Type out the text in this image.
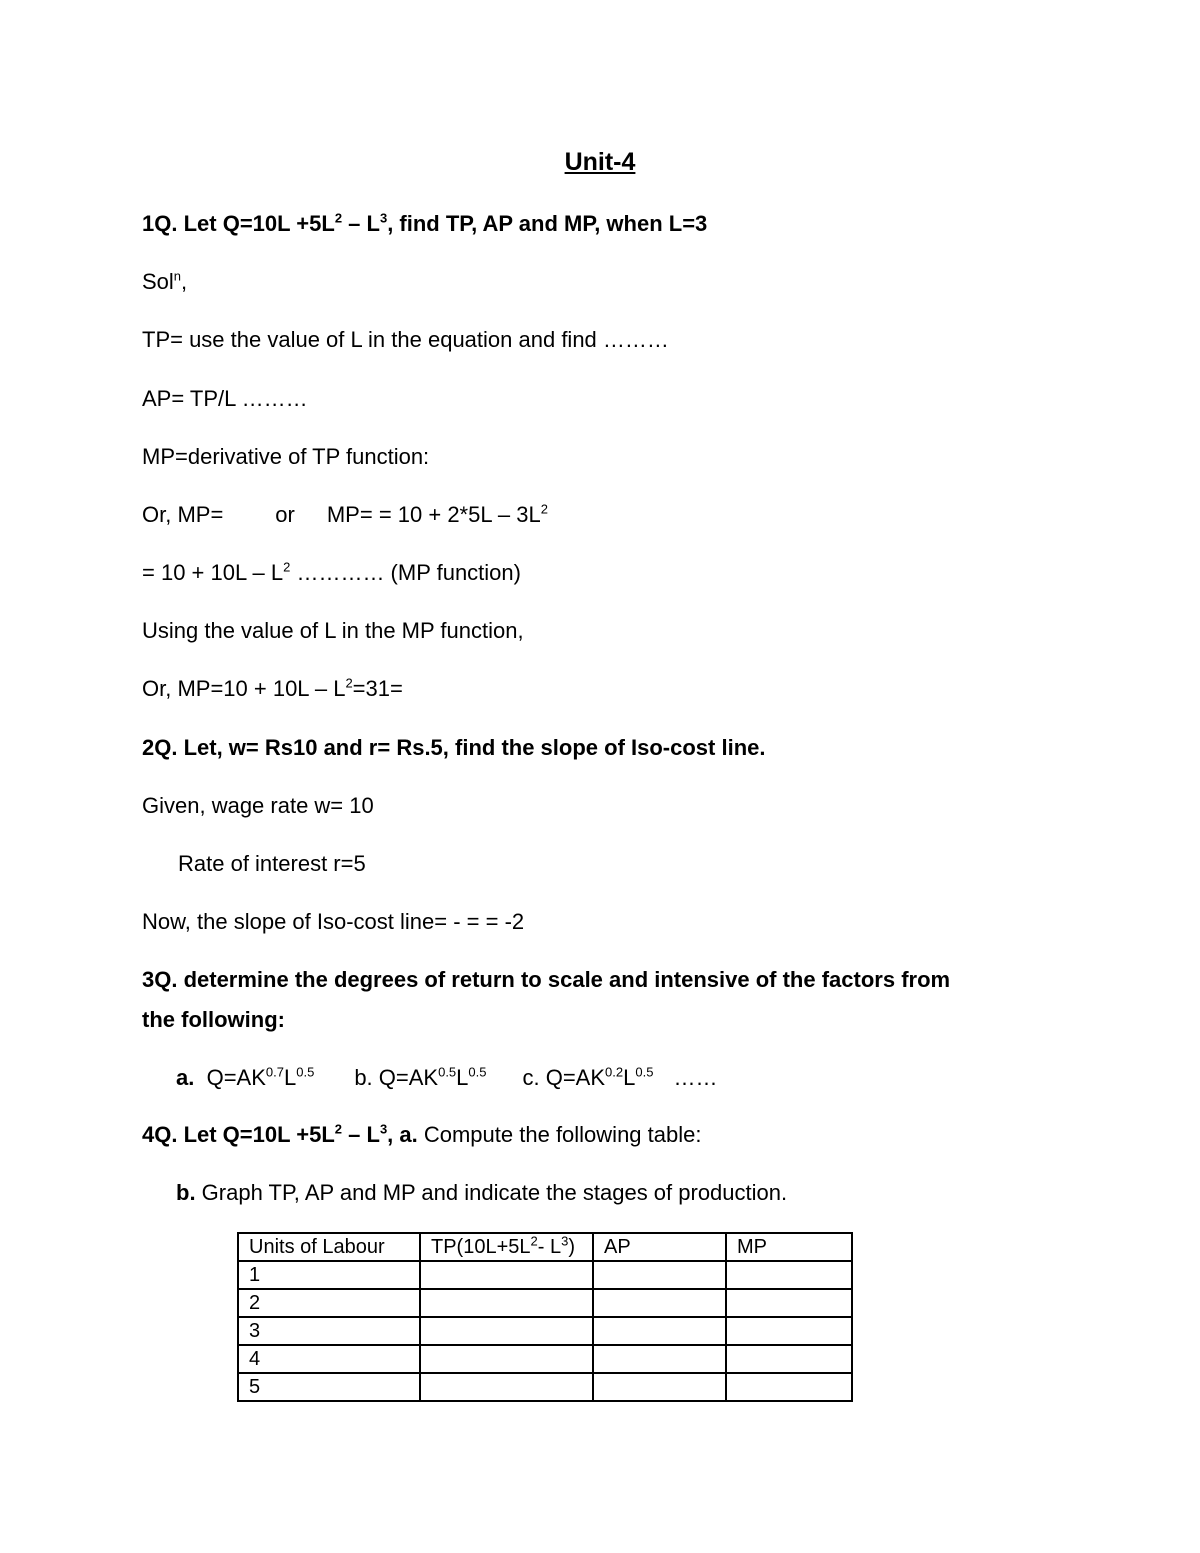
Unit-4
1Q. Let $Q=10L +5L^2 - L^3$, find TP, AP and MP, when L=3
Sol$^n$,
TP= use the value of L in the equation and find ………
AP= TP/L ………
MP=derivative of TP function:
Or, MP= or $MP= = 10 + 2*5L - 3L^2$
= $10 + 10L - L^2$ ………… (MP function)
Using the value of L in the MP function,
Or, $MP=10 + 10L - L^2=31=$
2Q. Let, w= Rs10 and r= Rs.5, find the slope of Iso-cost line.
Given, wage rate w= 10
Rate of interest r=5
Now, the slope of Iso-cost line= - = = -2
3Q. determine the degrees of return to scale and intensive of the factors from
the following:
a. $Q=AK^{0.7}L^{0.5}$ b. $Q=AK^{0.5}L^{0.5}$ c. $Q=AK^{0.2}L^{0.5}$ ……
4Q. Let $Q=10L +5L^2 - L^3$, a. Compute the following table:
b. Graph TP, AP and MP and indicate the stages of production.
Units of Labour	$TP(10L+5L^2-$ $L^3$)	AP	MP
1			
2			
3			
4			
5			
